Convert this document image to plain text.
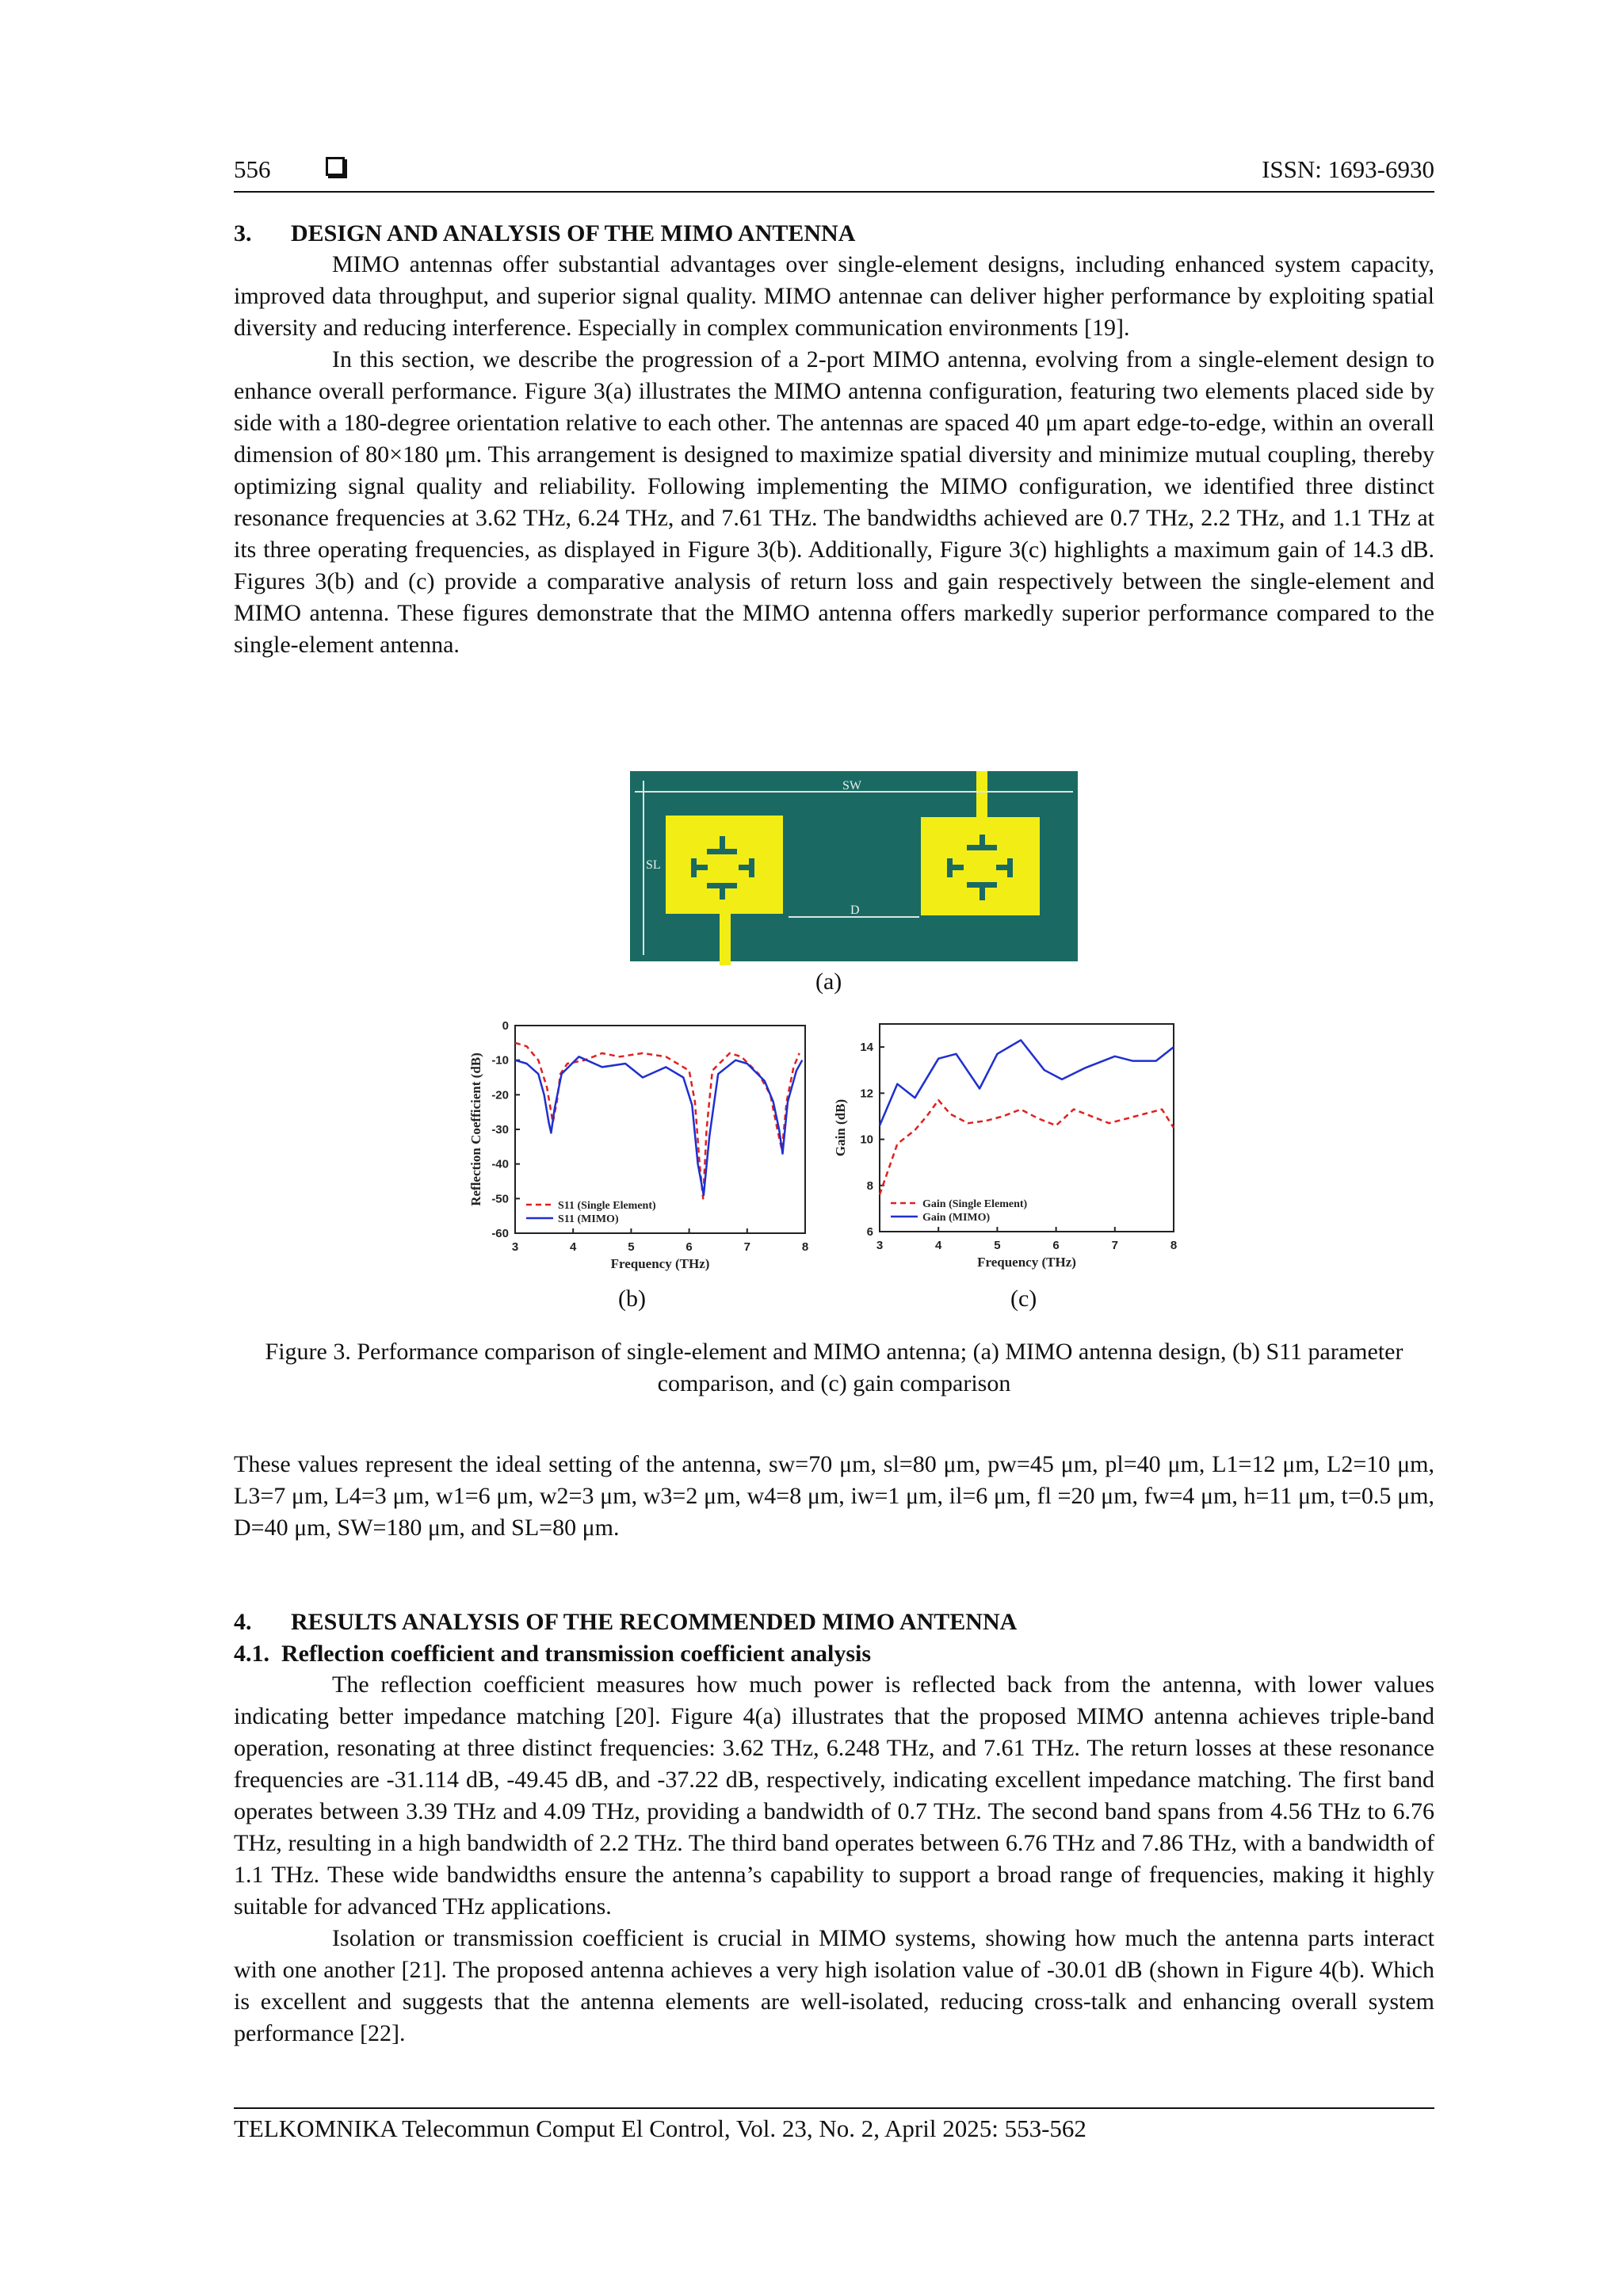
556	ISSN: 1693-6930
3. DESIGN AND ANALYSIS OF THE MIMO ANTENNA

MIMO antennas offer substantial advantages over single-element designs, including enhanced system capacity, improved data throughput, and superior signal quality. MIMO antennae can deliver higher performance by exploiting spatial diversity and reducing interference. Especially in complex communication environments [19].

In this section, we describe the progression of a 2-port MIMO antenna, evolving from a single-element design to enhance overall performance. Figure 3(a) illustrates the MIMO antenna configuration, featuring two elements placed side by side with a 180-degree orientation relative to each other. The antennas are spaced 40 μm apart edge-to-edge, within an overall dimension of 80×180 μm. This arrangement is designed to maximize spatial diversity and minimize mutual coupling, thereby optimizing signal quality and reliability. Following implementing the MIMO configuration, we identified three distinct resonance frequencies at 3.62 THz, 6.24 THz, and 7.61 THz. The bandwidths achieved are 0.7 THz, 2.2 THz, and 1.1 THz at its three operating frequencies, as displayed in Figure 3(b). Additionally, Figure 3(c) highlights a maximum gain of 14.3 dB. Figures 3(b) and (c) provide a comparative analysis of return loss and gain respectively between the single-element and MIMO antenna. These figures demonstrate that the MIMO antenna offers markedly superior performance compared to the single-element antenna.

SW
SL
D
(a)
3	4	5	6	7	8
0
-10
-20
-30
-40
-50
-60
Frequency (THz)
Reflection Coefficient (dB)	S11 (Single Element)
S11 (MIMO)
(b)
3	4	5	6	7	8
6
8
10
12
14
Frequency (THz)
Gain (dB)
Gain (Single Element)
Gain (MIMO)
(c)
Figure 3. Performance comparison of single-element and MIMO antenna; (a) MIMO antenna design, (b) S11 parameter comparison, and (c) gain comparison

These values represent the ideal setting of the antenna, sw=70 μm, sl=80 μm, pw=45 μm, pl=40 μm, L1=12 μm, L2=10 μm, L3=7 μm, L4=3 μm, w1=6 μm, w2=3 μm, w3=2 μm, w4=8 μm, iw=1 μm, il=6 μm, fl =20 μm, fw=4 μm, h=11 μm, t=0.5 μm, D=40 μm, SW=180 μm, and SL=80 μm.

4. RESULTS ANALYSIS OF THE RECOMMENDED MIMO ANTENNA
4.1. Reflection coefficient and transmission coefficient analysis

The reflection coefficient measures how much power is reflected back from the antenna, with lower values indicating better impedance matching [20]. Figure 4(a) illustrates that the proposed MIMO antenna achieves triple-band operation, resonating at three distinct frequencies: 3.62 THz, 6.248 THz, and 7.61 THz. The return losses at these resonance frequencies are -31.114 dB, -49.45 dB, and -37.22 dB, respectively, indicating excellent impedance matching. The first band operates between 3.39 THz and 4.09 THz, providing a bandwidth of 0.7 THz. The second band spans from 4.56 THz to 6.76 THz, resulting in a high bandwidth of 2.2 THz. The third band operates between 6.76 THz and 7.86 THz, with a bandwidth of 1.1 THz. These wide bandwidths ensure the antenna’s capability to support a broad range of frequencies, making it highly suitable for advanced THz applications.

Isolation or transmission coefficient is crucial in MIMO systems, showing how much the antenna parts interact with one another [21]. The proposed antenna achieves a very high isolation value of -30.01 dB (shown in Figure 4(b). Which is excellent and suggests that the antenna elements are well-isolated, reducing cross-talk and enhancing overall system performance [22].

TELKOMNIKA Telecommun Comput El Control, Vol. 23, No. 2, April 2025: 553-562
